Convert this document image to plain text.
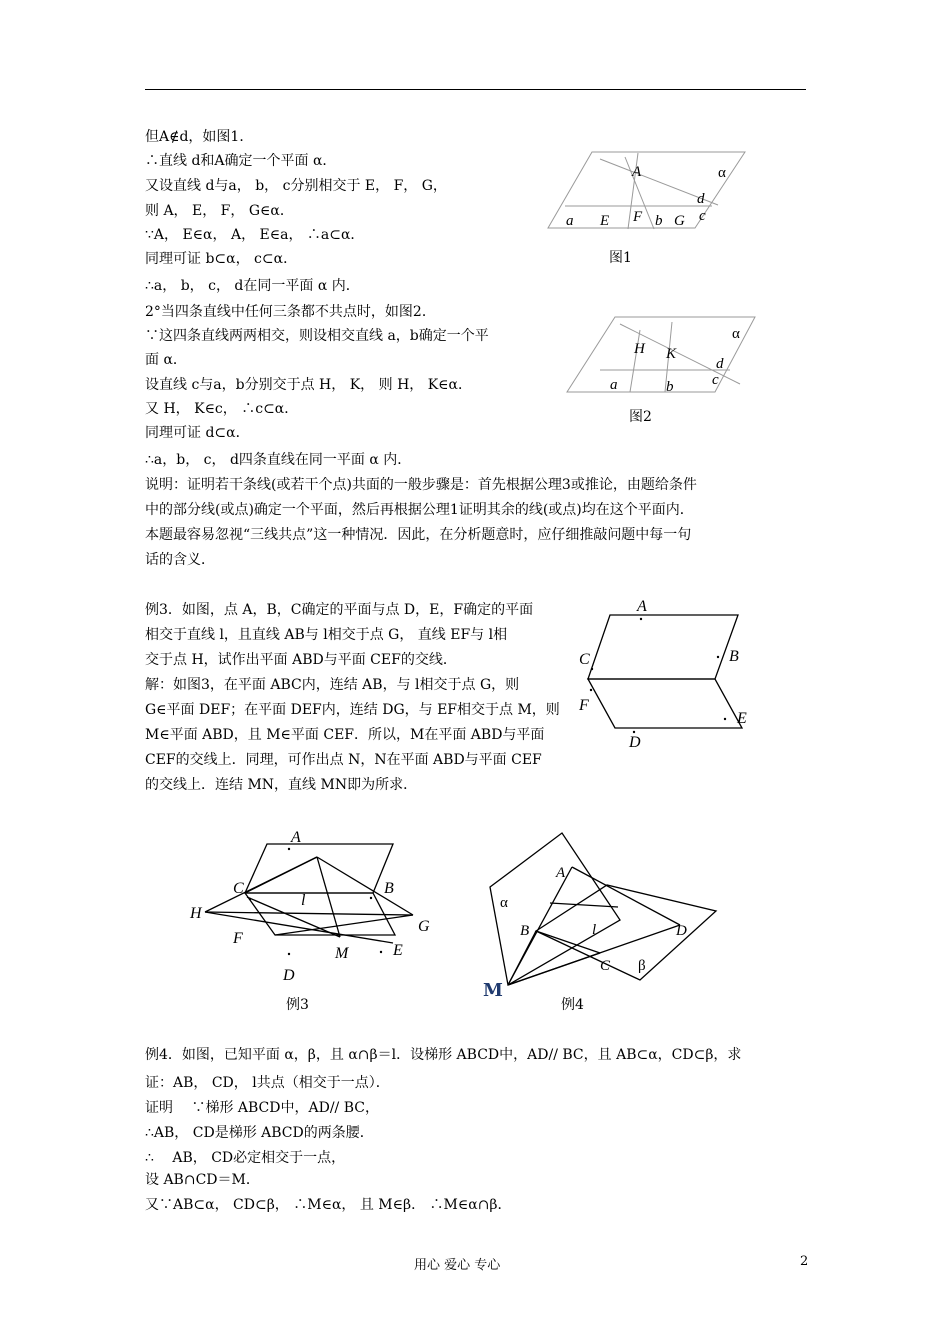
但A∉d，如图1．
∴直线 d和A确定一个平面 α．
又设直线 d与a， b， c分别相交于 E， F， G，
则 A， E， F， G∈α．
∵A， E∈α， A， E∈a， ∴a⊂α．
同理可证 b⊂α， c⊂α．
∴a， b， c， d在同一平面 α 内．
2°当四条直线中任何三条都不共点时，如图2．
∵这四条直线两两相交，则设相交直线 a，b确定一个平
面 α．
设直线 c与a，b分别交于点 H， K， 则 H， K∈α．
又 H， K∈c， ∴c⊂α．
同理可证 d⊂α．
∴a，b， c， d四条直线在同一平面 α 内．
说明：证明若干条线(或若干个点)共面的一般步骤是：首先根据公理3或推论，由题给条件
中的部分线(或点)确定一个平面，然后再根据公理1证明其余的线(或点)均在这个平面内．
本题最容易忽视“三线共点”这一种情况．因此，在分析题意时，应仔细推敲问题中每一句
话的含义．
例3．如图，点 A，B，C确定的平面与点 D，E，F确定的平面
相交于直线 l，且直线 AB与 l相交于点 G， 直线 EF与 l相
交于点 H，试作出平面 ABD与平面 CEF的交线．
解：如图3，在平面 ABC内，连结 AB，与 l相交于点 G，则
G∈平面 DEF；在平面 DEF内，连结 DG，与 EF相交于点 M，则
M∈平面 ABD，且 M∈平面 CEF．所以，M在平面 ABD与平面
CEF的交线上．同理，可作出点 N，N在平面 ABD与平面 CEF
的交线上．连结 MN，直线 MN即为所求．
例4．如图，已知平面 α，β，且 α∩β＝l．设梯形 ABCD中，AD// BC，且 AB⊂α，CD⊂β，求
证：AB， CD， l共点（相交于一点）．
证明　 ∵梯形 ABCD中，AD// BC，
∴AB， CD是梯形 ABCD的两条腰．
∴　 AB， CD必定相交于一点，
设 AB∩CD＝M．
又∵AB⊂α， CD⊂β， ∴M∈α， 且 M∈β． ∴M∈α∩β．
A	α
d
c
a E F b G
图1
α
H K
d
a	b	c
图2
A
C	B
F
E
D
A
C	B
H
l
G
F
M	E
D
例3
α
A
B	l	D
C β
M
例4
用心 爱心 专心	2
